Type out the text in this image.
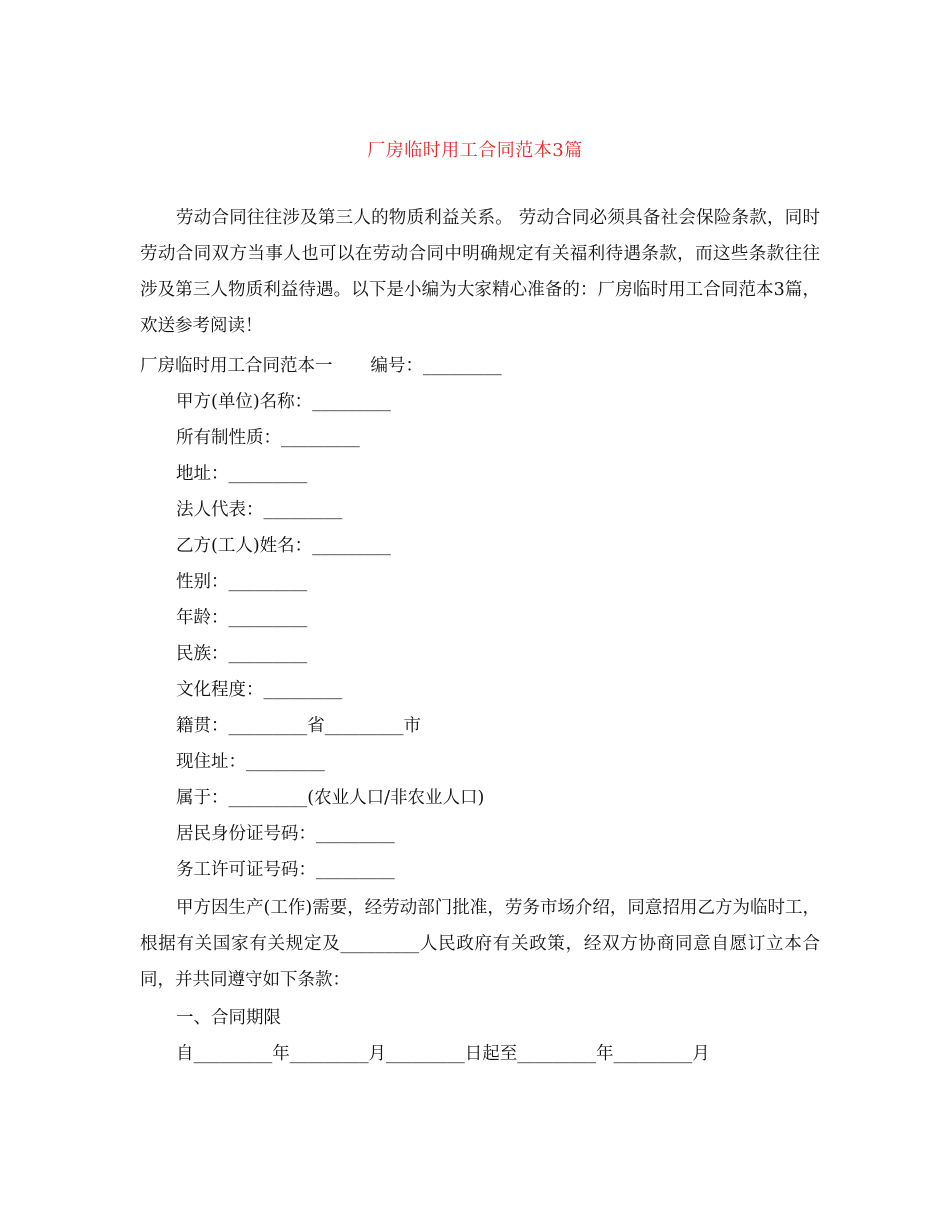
厂房临时用工合同范本3篇
劳动合同往往涉及第三人的物质利益关系。 劳动合同必须具备社会保险条款，同时劳动合同双方当事人也可以在劳动合同中明确规定有关福利待遇条款，而这些条款往往涉及第三人物质利益待遇。以下是小编为大家精心准备的：厂房临时用工合同范本3篇，欢送参考阅读！
厂房临时用工合同范本一 编号：_________
甲方(单位)名称：_________
所有制性质：_________
地址：_________
法人代表：_________
乙方(工人)姓名：_________
性别：_________
年龄：_________
民族：_________
文化程度：_________
籍贯：_________省_________市
现住址：_________
属于：_________(农业人口/非农业人口)
居民身份证号码：_________
务工许可证号码：_________
甲方因生产(工作)需要，经劳动部门批准，劳务市场介绍，同意招用乙方为临时工，根据有关国家有关规定及_________人民政府有关政策，经双方协商同意自愿订立本合同，并共同遵守如下条款：
一、合同期限
自_________年_________月_________日起至_________年_________月
